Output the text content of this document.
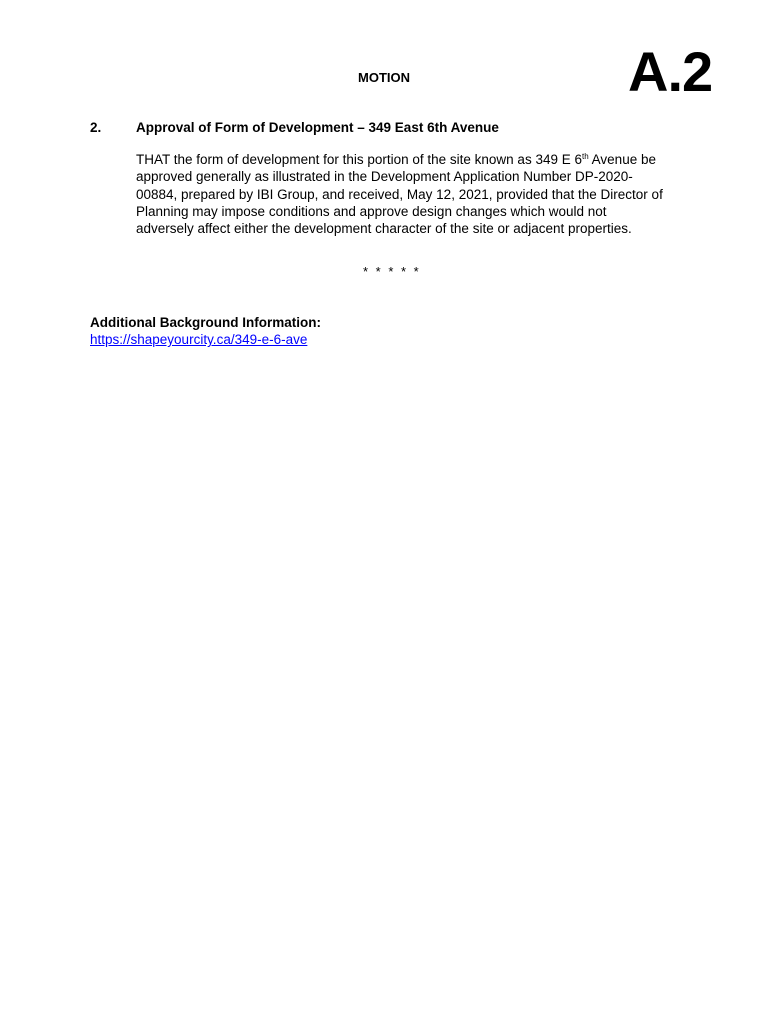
A.2
MOTION
2.	Approval of Form of Development – 349 East 6th Avenue
THAT the form of development for this portion of the site known as 349 E 6th Avenue be
approved generally as illustrated in the Development Application Number DP-2020-
00884, prepared by IBI Group, and received, May 12, 2021, provided that the Director of
Planning may impose conditions and approve design changes which would not
adversely affect either the development character of the site or adjacent properties.
* * * * *
Additional Background Information:
https://shapeyourcity.ca/349-e-6-ave
